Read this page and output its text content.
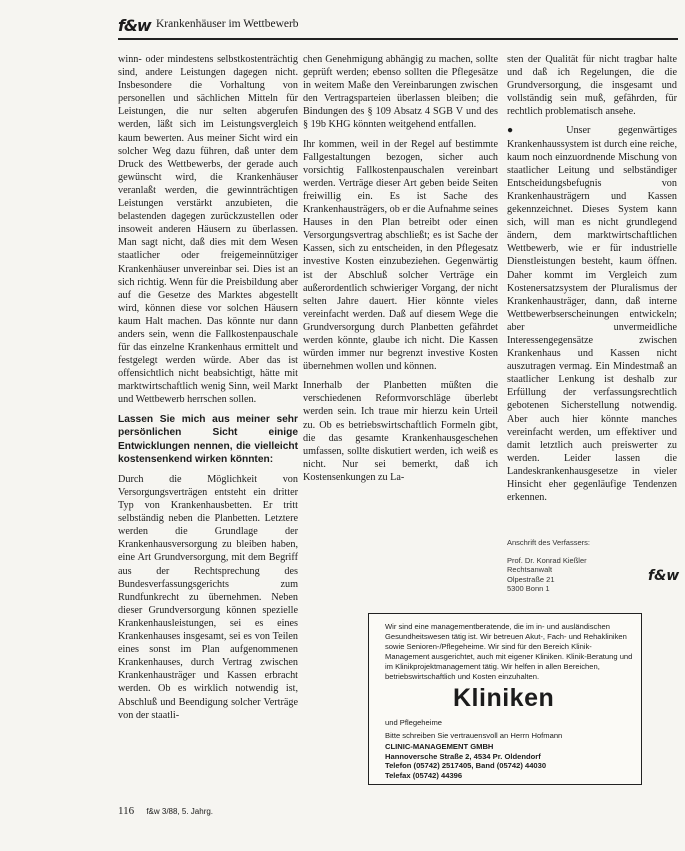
f&w Krankenhäuser im Wettbewerb

winn- oder mindestens selbstkostenträchtig sind, andere Leistungen dagegen nicht. Insbesondere die Vorhaltung von personellen und sächlichen Mitteln für Leistungen, die nur selten abgerufen werden, läßt sich im Leistungsvergleich kaum bewerten. Aus meiner Sicht wird ein solcher Weg dazu führen, daß unter dem Druck des Wettbewerbs, der gerade auch gewünscht wird, die Krankenhäuser veranlaßt werden, die gewinnträchtigen Leistungen verstärkt anzubieten, die belastenden dagegen zurückzustellen oder insoweit anderen Häusern zu überlassen. Man sagt nicht, daß dies mit dem Wesen staatlicher oder freigemeinnütziger Krankenhäuser unvereinbar sei. Dies ist an sich richtig. Wenn für die Preisbildung aber auf die Gesetze des Marktes abgestellt wird, können diese vor solchen Häusern kaum Halt machen. Das könnte nur dann anders sein, wenn die Fallkostenpauschale für das einzelne Krankenhaus ermittelt und festgelegt werden würde. Aber das ist offensichtlich nicht beabsichtigt, hätte mit marktwirtschaftlich wenig Sinn, weil Markt und Wettbewerb herrschen sollen.

Lassen Sie mich aus meiner sehr persönlichen Sicht einige Entwicklungen nennen, die vielleicht kostensenkend wirken könnten:

Durch die Möglichkeit von Versorgungsverträgen entsteht ein dritter Typ von Krankenhausbetten. Er tritt selbständig neben die Planbetten. Letztere werden die Grundlage der Krankenhausversorgung zu bleiben haben, eine Art Grundversorgung, mit dem Begriff aus der Rechtsprechung des Bundesverfassungsgerichts zum Rundfunkrecht zu übernehmen. Neben dieser Grundversorgung können spezielle Krankenhausleistungen, sei es eines Krankenhauses insgesamt, sei es von Teilen eines sonst im Plan aufgenommenen Krankenhauses, durch Vertrag zwischen Krankenhausträger und Kassen erbracht werden. Ob es wirklich notwendig ist, Abschluß und Beendigung solcher Verträge von der staatli-

chen Genehmigung abhängig zu machen, sollte geprüft werden; ebenso sollten die Pflegesätze in weitem Maße den Vereinbarungen zwischen den Vertragsparteien überlassen bleiben; die Bindungen des § 109 Absatz 4 SGB V und des § 19b KHG könnten weitgehend entfallen.

Ihr kommen, weil in der Regel auf bestimmte Fallgestaltungen bezogen, sicher auch vorsichtig Fallkostenpauschalen vereinbart werden. Verträge dieser Art geben beide Seiten freiwillig ein. Es ist Sache des Krankenhausträgers, ob er die Aufnahme seines Hauses in den Plan betreibt oder einen Versorgungsvertrag abschließt; es ist Sache der Kassen, sich zu entscheiden, in den Pflegesatz investive Kosten einzubeziehen. Gegenwärtig ist der Abschluß solcher Verträge ein außerordentlich schwieriger Vorgang, der nicht selten Jahre dauert. Hier könnte vieles vereinfacht werden. Daß auf diesem Wege die Grundversorgung durch Planbetten gefährdet werden könnte, glaube ich nicht. Die Kassen würden immer nur begrenzt investive Kosten übernehmen wollen und können.

Innerhalb der Planbetten müßten die verschiedenen Reformvorschläge überlebt werden sein. Ich traue mir hierzu kein Urteil zu. Ob es betriebswirtschaftlich Formeln gibt, die das gesamte Krankenhausgeschehen umfassen, sollte diskutiert werden, ich weiß es nicht. Nur sei bemerkt, daß ich Kostensenkungen zu La-

sten der Qualität für nicht tragbar halte und daß ich Regelungen, die die Grundversorgung, die insgesamt und vollständig sein muß, gefährden, für rechtlich problematisch ansehe.

● Unser gegenwärtiges Krankenhaussystem ist durch eine reiche, kaum noch einzuordnende Mischung von staatlicher Leitung und selbständiger Entscheidungsbefugnis von Krankenhausträgern und Kassen gekennzeichnet. Dieses System kann sich, will man es nicht grundlegend ändern, dem marktwirtschaftlichen Wettbewerb, wie er für industrielle Dienstleistungen besteht, kaum öffnen. Daher kommt im Vergleich zum Kostenersatzsystem der Pluralismus der Krankenhausträger, dann, daß interne Wettbewerbserscheinungen entwickeln; aber unvermeidliche Interessengegensätze zwischen Krankenhaus und Kassen nicht auszutragen vermag. Ein Mindestmaß an staatlicher Lenkung ist deshalb zur Erfüllung der verfassungsrechtlich gebotenen Sicherstellung notwendig. Aber auch hier könnte manches vereinfacht werden, um effektiver und damit letztlich auch preiswerter zu werden. Leider lassen die Landeskrankenhausgesetze in vieler Hinsicht eher gegenläufige Tendenzen erkennen.

Anschrift des Verfassers:
Prof. Dr. Konrad Kießler
Rechtsanwalt
Olpestraße 21
5300 Bonn 1
f&w
Wir sind eine managementberatende, die im in- und ausländischen Gesundheitswesen tätig ist. Wir betreuen Akut-, Fach- und Rehakliniken sowie Senioren-/Pflegeheime. Wir sind für den Bereich Klinik-Management ausgerichtet, auch mit eigener Kliniken. Klinik-Beratung und im Klinikprojektmanagement tätig. Wir helfen in allen Bereichen, betriebswirtschaftlich und Kosten einzuhalten.
Kliniken
und Pflegeheime
Bitte schreiben Sie vertrauensvoll an Herrn Hofmann
CLINIC-MANAGEMENT GMBH
Hannoversche Straße 2, 4534 Pr. Oldendorf
Telefon (05742) 2517405, Band (05742) 44030
Telefax (05742) 44396
116 f&w 3/88, 5. Jahrg.
